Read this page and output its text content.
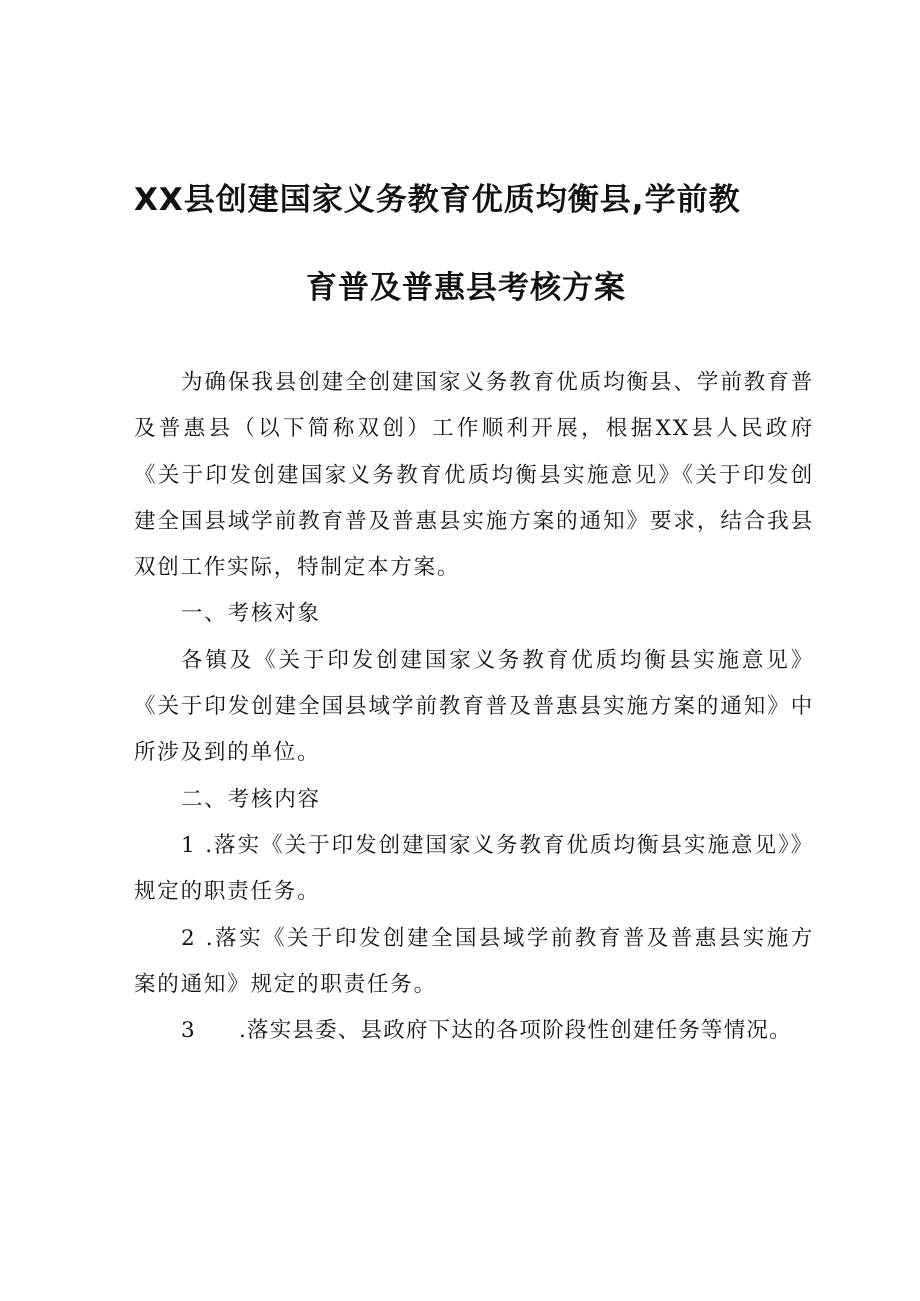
XX县创建国家义务教育优质均衡县,学前教
育普及普惠县考核方案

为确保我县创建全创建国家义务教育优质均衡县、学前教育普及普惠县（以下简称双创）工作顺利开展，根据XX县人民政府《关于印发创建国家义务教育优质均衡县实施意见》《关于印发创建全国县域学前教育普及普惠县实施方案的通知》要求，结合我县双创工作实际，特制定本方案。

一、考核对象

各镇及《关于印发创建国家义务教育优质均衡县实施意见》《关于印发创建全国县域学前教育普及普惠县实施方案的通知》中所涉及到的单位。

二、考核内容

1 .落实《关于印发创建国家义务教育优质均衡县实施意见》》规定的职责任务。

2 .落实《关于印发创建全国县域学前教育普及普惠县实施方案的通知》规定的职责任务。

3 .落实县委、县政府下达的各项阶段性创建任务等情况。
